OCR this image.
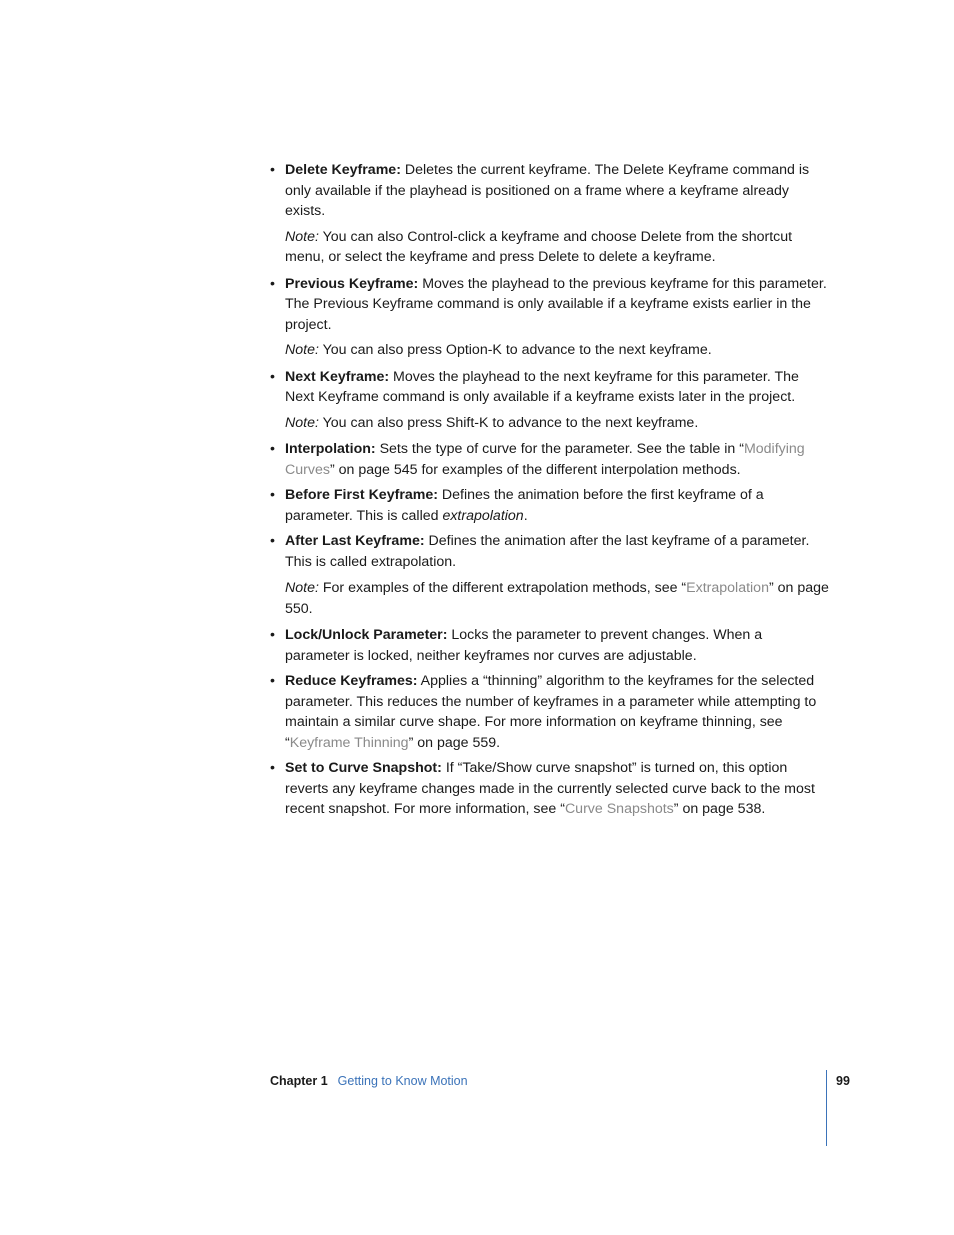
• Delete Keyframe: Deletes the current keyframe. The Delete Keyframe command is only available if the playhead is positioned on a frame where a keyframe already exists.

Note: You can also Control-click a keyframe and choose Delete from the shortcut menu, or select the keyframe and press Delete to delete a keyframe.

• Previous Keyframe: Moves the playhead to the previous keyframe for this parameter. The Previous Keyframe command is only available if a keyframe exists earlier in the project.

Note: You can also press Option-K to advance to the next keyframe.

• Next Keyframe: Moves the playhead to the next keyframe for this parameter. The Next Keyframe command is only available if a keyframe exists later in the project.

Note: You can also press Shift-K to advance to the next keyframe.

• Interpolation: Sets the type of curve for the parameter. See the table in “Modifying Curves” on page 545 for examples of the different interpolation methods.

• Before First Keyframe: Defines the animation before the first keyframe of a parameter. This is called extrapolation.

• After Last Keyframe: Defines the animation after the last keyframe of a parameter. This is called extrapolation.

Note: For examples of the different extrapolation methods, see “Extrapolation” on page 550.

• Lock/Unlock Parameter: Locks the parameter to prevent changes. When a parameter is locked, neither keyframes nor curves are adjustable.

• Reduce Keyframes: Applies a “thinning” algorithm to the keyframes for the selected parameter. This reduces the number of keyframes in a parameter while attempting to maintain a similar curve shape. For more information on keyframe thinning, see “Keyframe Thinning” on page 559.

• Set to Curve Snapshot: If “Take/Show curve snapshot” is turned on, this option reverts any keyframe changes made in the currently selected curve back to the most recent snapshot. For more information, see “Curve Snapshots” on page 538.

Chapter 1 Getting to Know Motion	99
